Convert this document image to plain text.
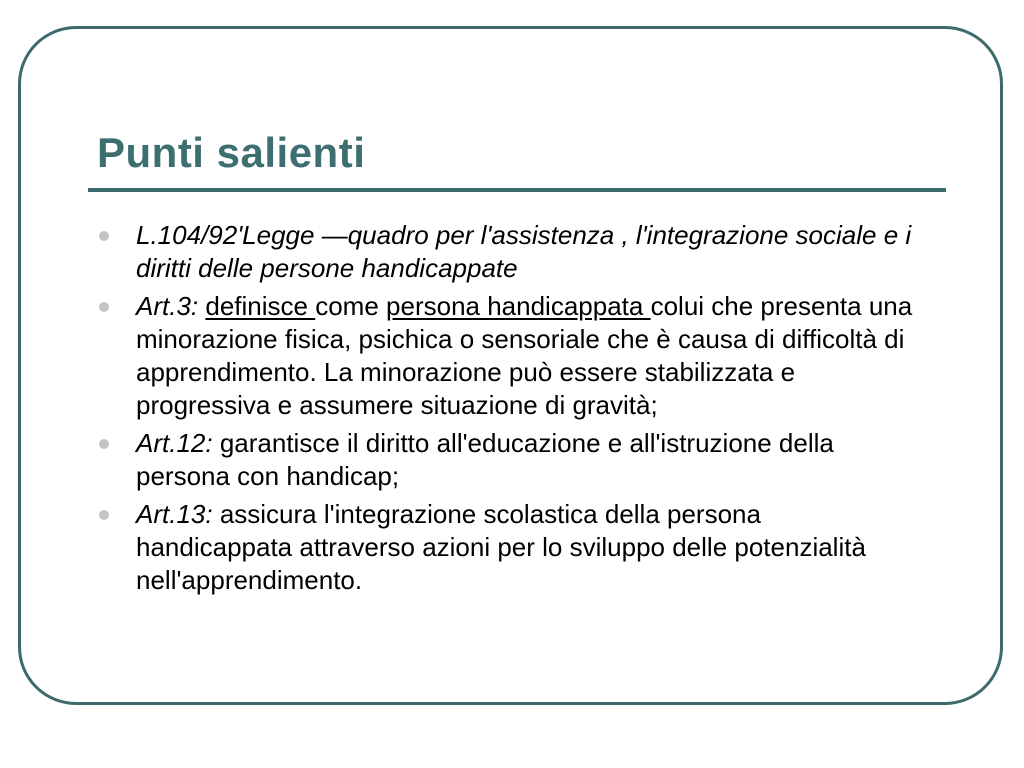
Punti salienti
L.104/92'Legge —quadro per l'assistenza , l'integrazione sociale e i diritti delle persone handicappate
Art.3: definisce come persona handicappata colui che presenta una minorazione fisica, psichica o sensoriale che è causa di difficoltà di apprendimento. La minorazione può essere stabilizzata e progressiva e assumere situazione di gravità;
Art.12: garantisce il diritto all'educazione e all'istruzione della persona con handicap;
Art.13: assicura l'integrazione scolastica della persona handicappata attraverso azioni per lo sviluppo delle potenzialità nell'apprendimento.
